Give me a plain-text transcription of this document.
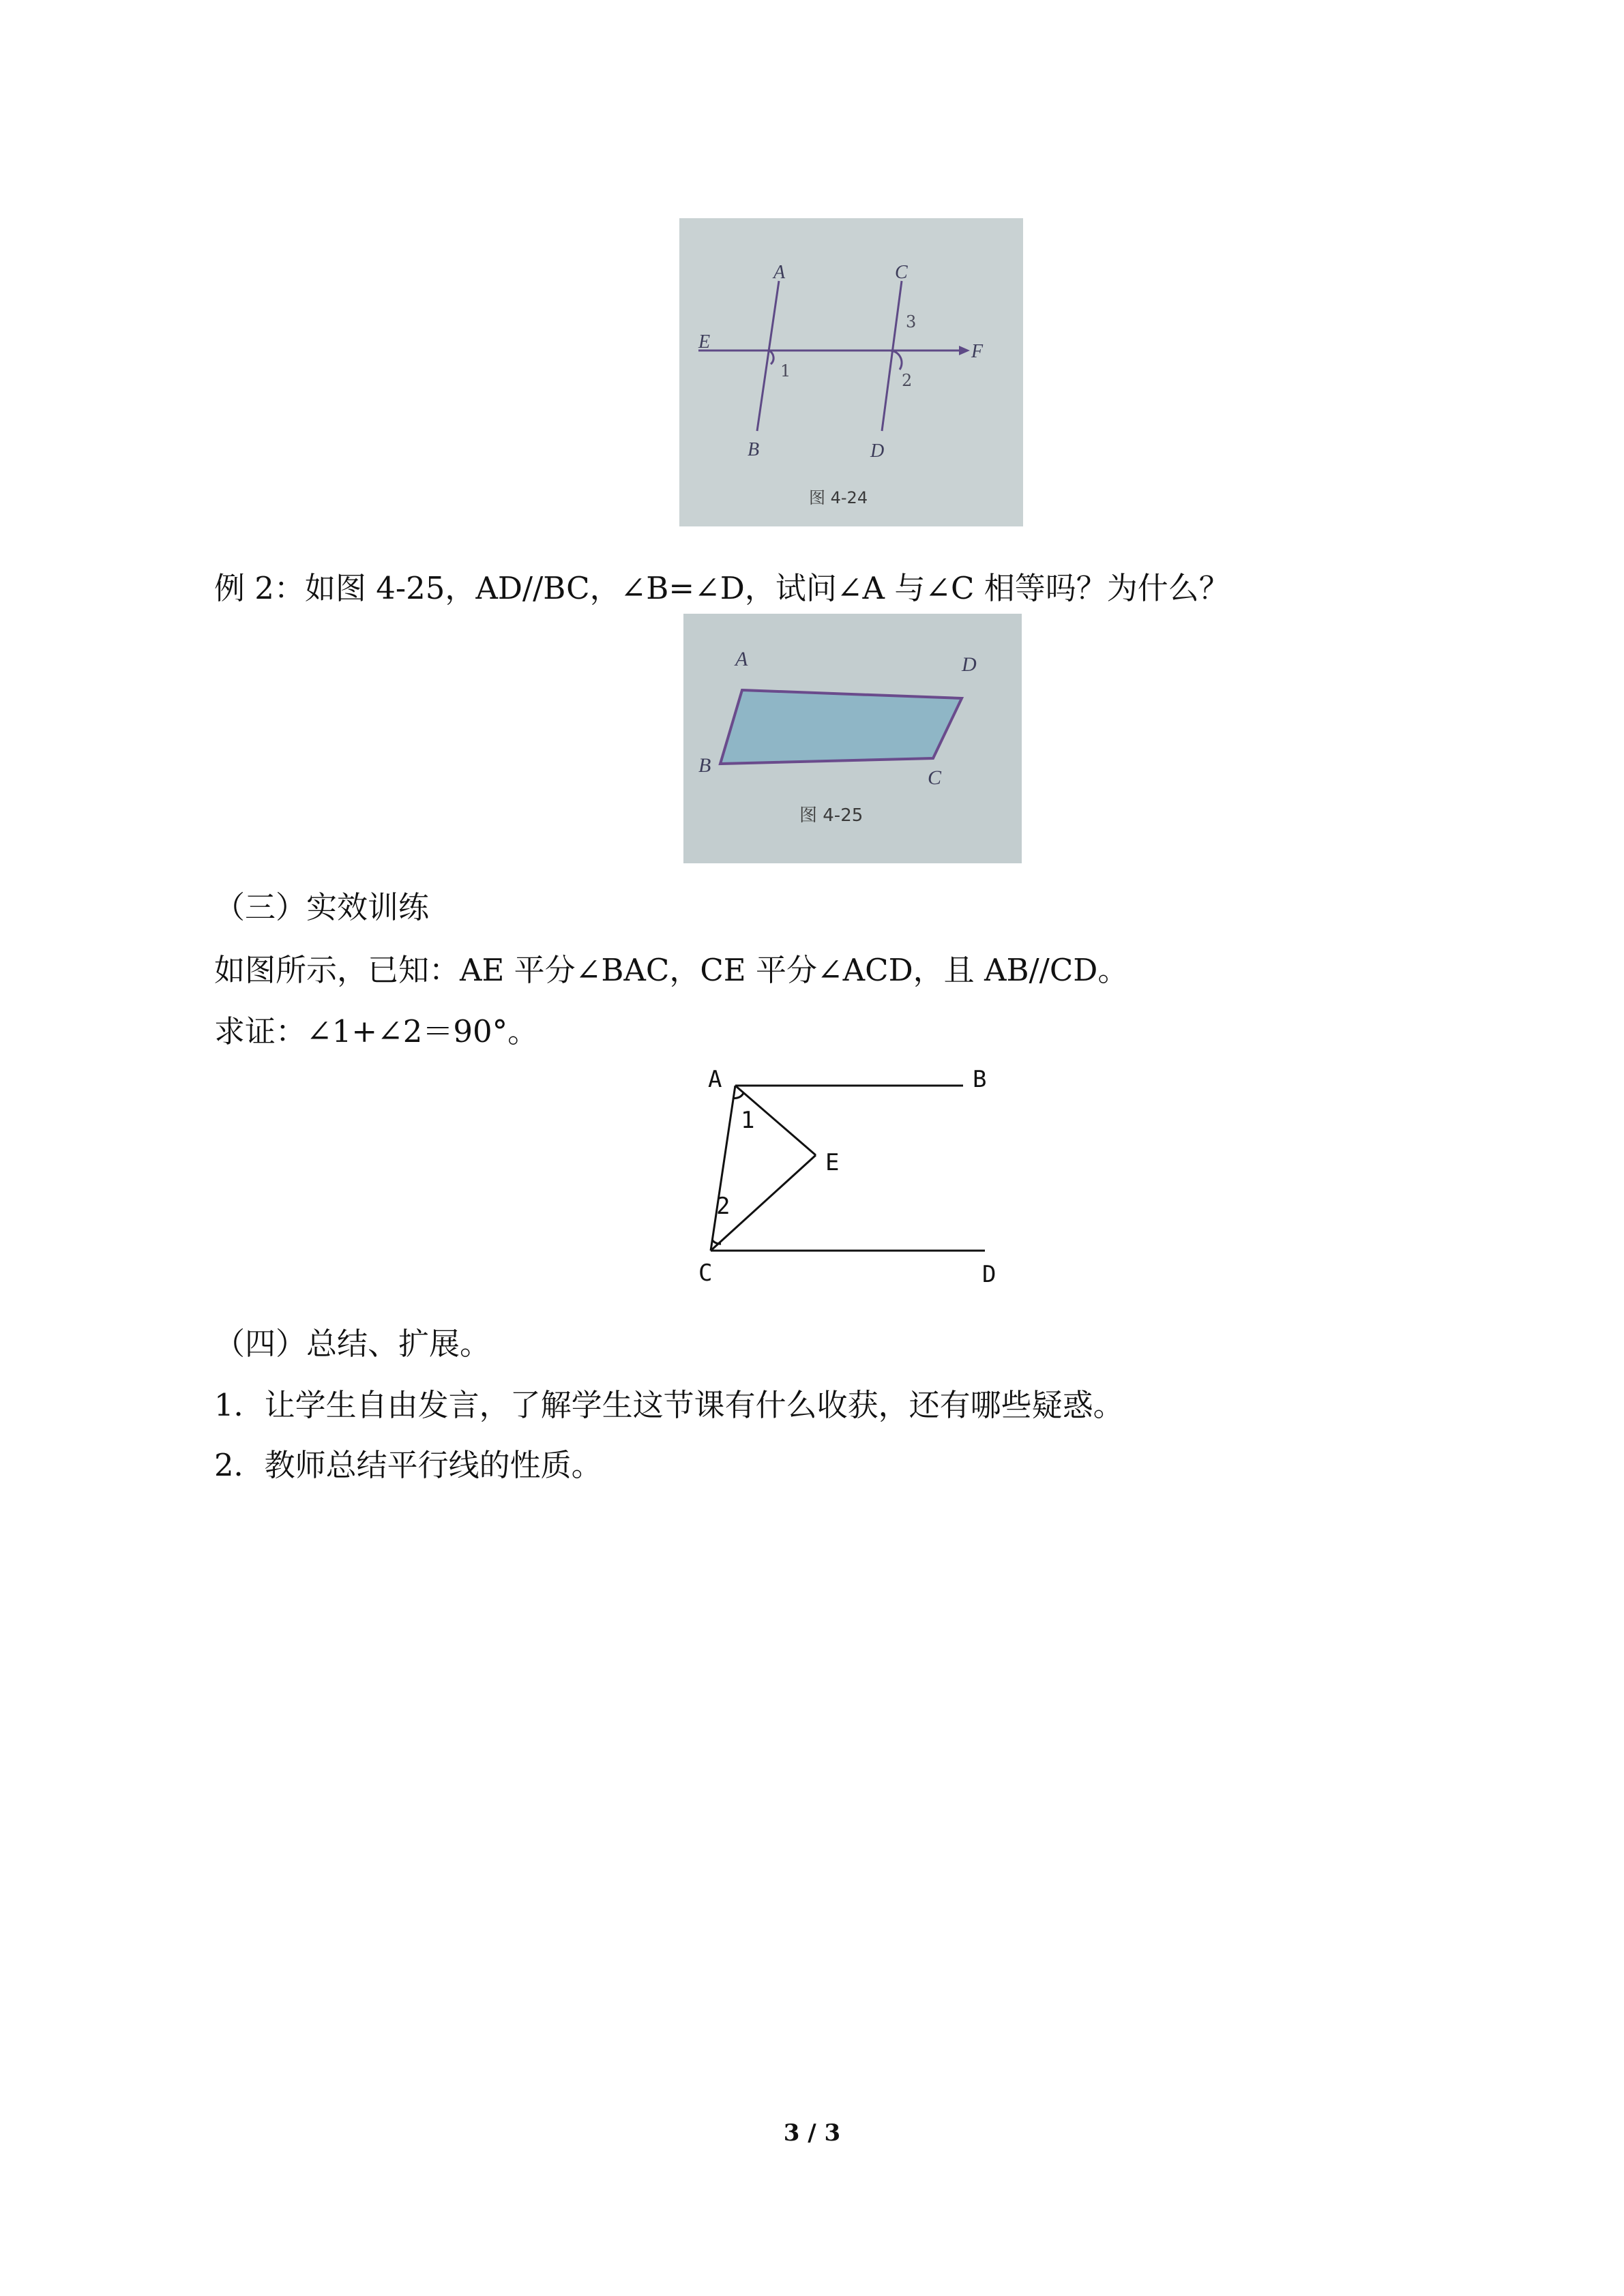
A
B
C
D
E	F
1	2
3
图 4-24
例 2：如图 4-25，AD//BC，∠B=∠D，试问∠A 与∠C 相等吗？为什么？
A
B
C
D
图 4-25
（三）实效训练
如图所示，已知：AE 平分∠BAC，CE 平分∠ACD，且 AB//CD。
求证：∠1+∠2＝90°。
A	B
C	D
E
1
2
（四）总结、扩展。
1．让学生自由发言，了解学生这节课有什么收获，还有哪些疑惑。
2．教师总结平行线的性质。
3 / 3
